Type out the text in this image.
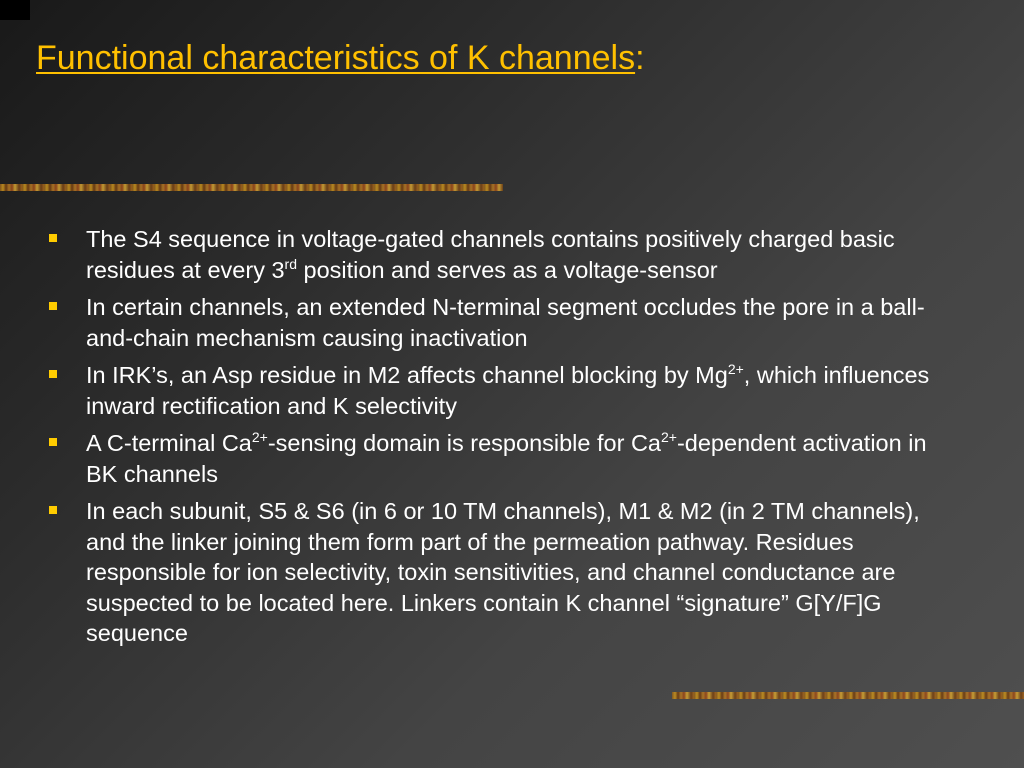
Functional characteristics of K channels:
The S4 sequence in voltage-gated channels contains positively charged basic residues at every 3rd position and serves as a voltage-sensor
In certain channels, an extended N-terminal segment occludes the pore in a ball-and-chain mechanism causing inactivation
In IRK’s, an Asp residue in M2 affects channel blocking by $Mg^{2+}$, which influences inward rectification and K selectivity
A C-terminal $Ca^{2+}$-sensing domain is responsible for $Ca^{2+}$-dependent activation in BK channels
In each subunit, S5 & S6 (in 6 or 10 TM channels), M1 & M2 (in 2 TM channels), and the linker joining them form part of the permeation pathway. Residues responsible for ion selectivity, toxin sensitivities, and channel conductance are suspected to be located here. Linkers contain K channel “signature” G[Y/F]G sequence
